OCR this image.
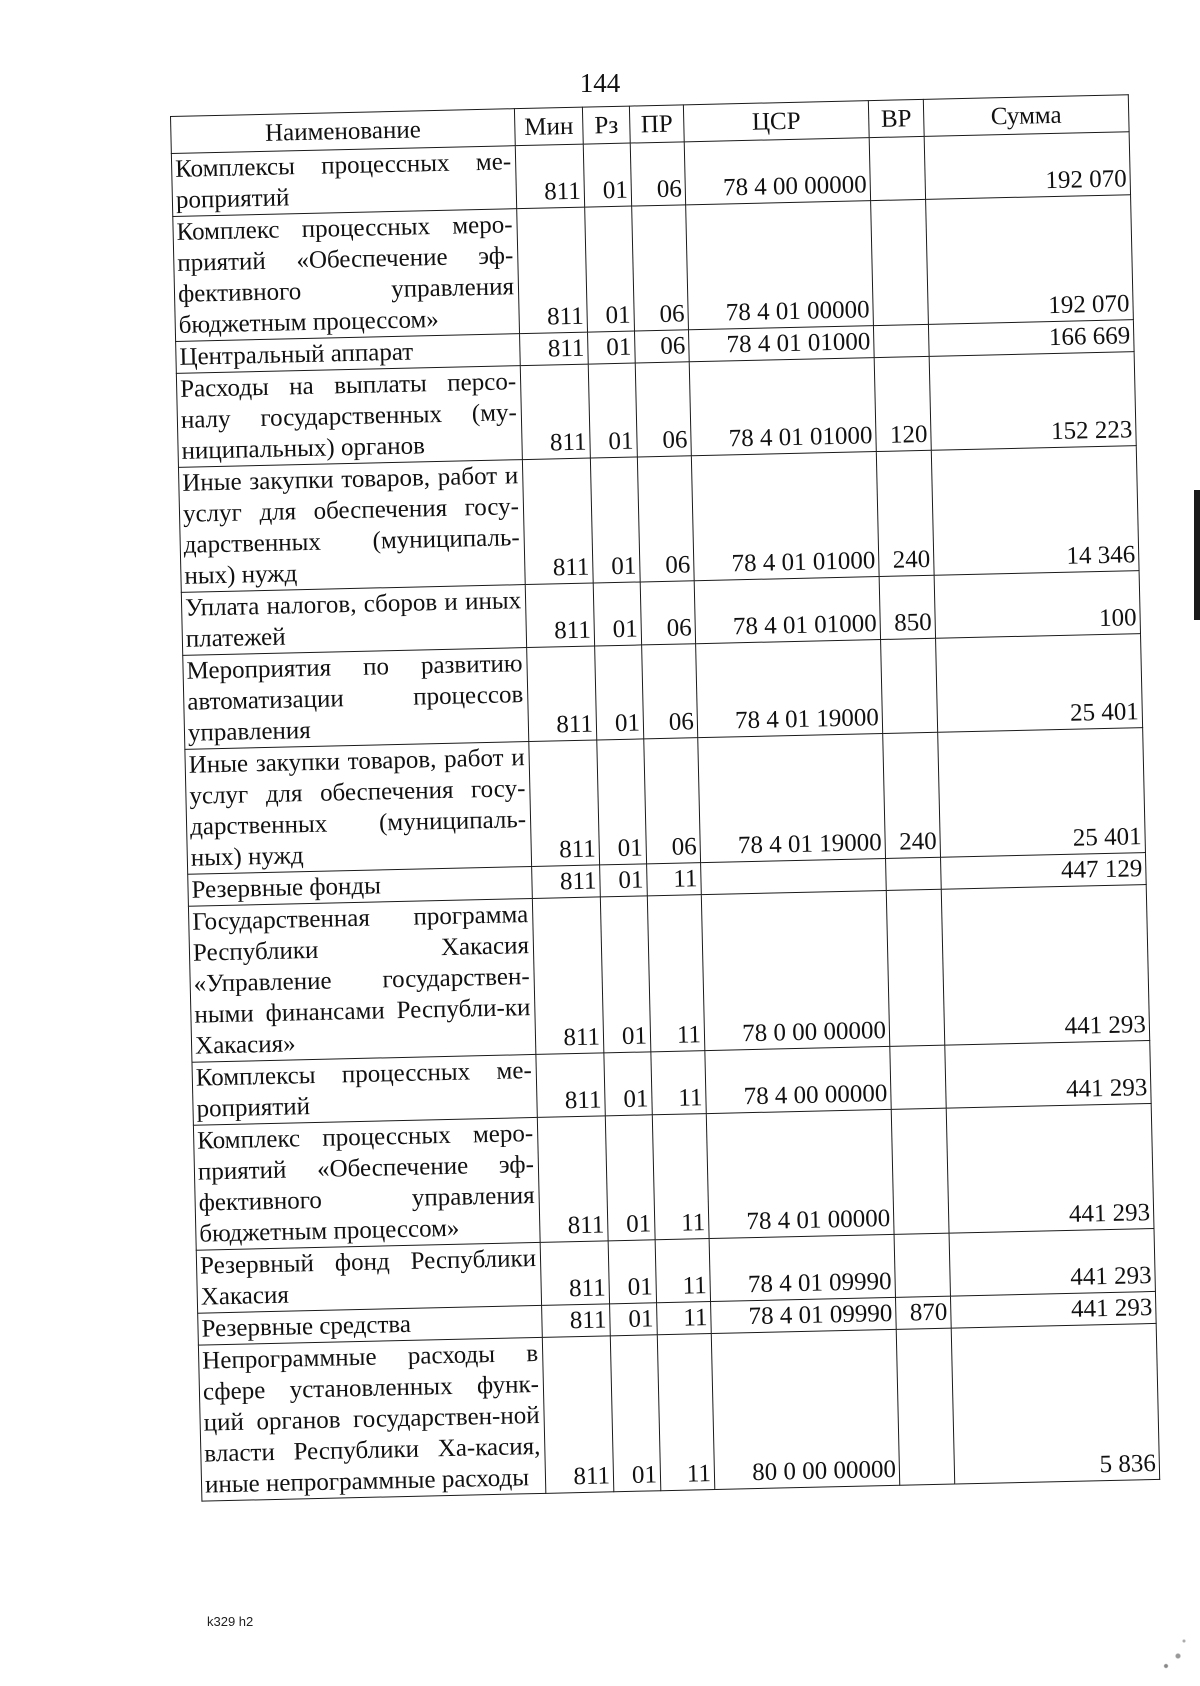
144
Наименование	Мин	Рз	ПР	ЦСР	ВР	Сумма
Комплексы процессных ме-роприятий	811	01	06	78 4 00 00000		192 070
Комплекс процессных меро-приятий «Обеспечение эф-фективного управления бюджетным процессом»	811	01	06	78 4 01 00000		192 070
Центральный аппарат	811	01	06	78 4 01 01000		166 669
Расходы на выплаты персо-налу государственных (му-ниципальных) органов	811	01	06	78 4 01 01000	120	152 223
Иные закупки товаров, работ и услуг для обеспечения госу-дарственных (муниципаль-ных) нужд	811	01	06	78 4 01 01000	240	14 346
Уплата налогов, сборов и иных платежей	811	01	06	78 4 01 01000	850	100
Мероприятия по развитию автоматизации процессов управления	811	01	06	78 4 01 19000		25 401
Иные закупки товаров, работ и услуг для обеспечения госу-дарственных (муниципаль-ных) нужд	811	01	06	78 4 01 19000	240	25 401
Резервные фонды	811	01	11			447 129
Государственная программа Республики Хакасия «Управление государствен-ными финансами Республи-ки Хакасия»	811	01	11	78 0 00 00000		441 293
Комплексы процессных ме-роприятий	811	01	11	78 4 00 00000		441 293
Комплекс процессных меро-приятий «Обеспечение эф-фективного управления бюджетным процессом»	811	01	11	78 4 01 00000		441 293
Резервный фонд Республики Хакасия	811	01	11	78 4 01 09990		441 293
Резервные средства	811	01	11	78 4 01 09990	870	441 293
Непрограммные расходы в сфере установленных функ-ций органов государствен-ной власти Республики Ха-касия, иные непрограммные расходы	811	01	11	80 0 00 00000		5 836
k329 h2
